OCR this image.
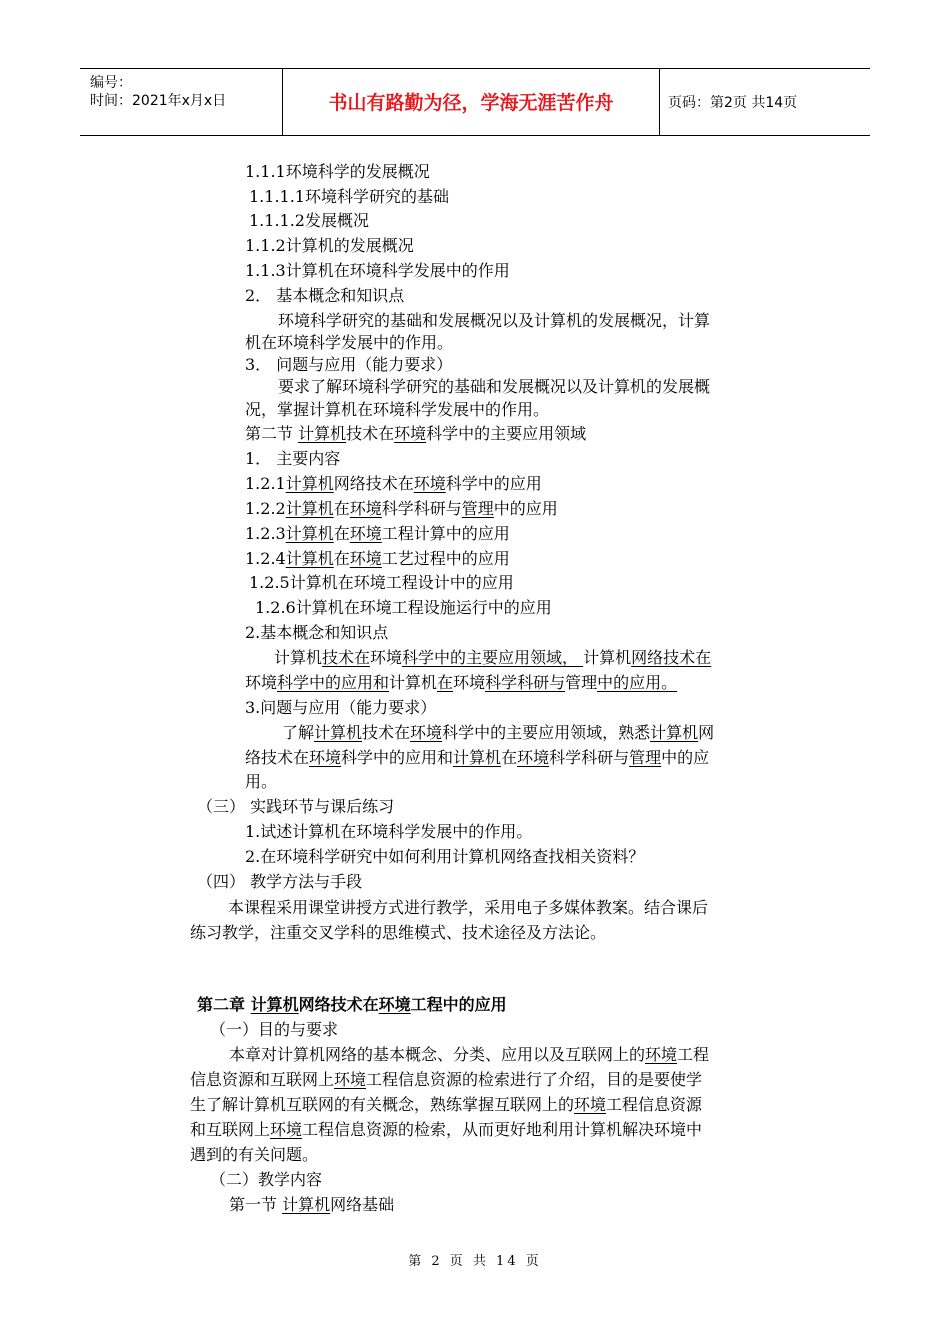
编号：
时间：2021年x月x日	书山有路勤为径，学海无涯苦作舟	页码：第2页 共14页
1.1.1环境科学的发展概况
1.1.1.1环境科学研究的基础
1.1.1.2发展概况
1.1.2计算机的发展概况
1.1.3计算机在环境科学发展中的作用
2． 基本概念和知识点
环境科学研究的基础和发展概况以及计算机的发展概况，计算
机在环境科学发展中的作用。
3． 问题与应用（能力要求）
要求了解环境科学研究的基础和发展概况以及计算机的发展概
况，掌握计算机在环境科学发展中的作用。
第二节 计算机技术在环境科学中的主要应用领域
1． 主要内容
1.2.1计算机网络技术在环境科学中的应用
1.2.2计算机在环境科学科研与管理中的应用
1.2.3计算机在环境工程计算中的应用
1.2.4计算机在环境工艺过程中的应用
1.2.5计算机在环境工程设计中的应用
1.2.6计算机在环境工程设施运行中的应用
2.基本概念和知识点
计算机技术在环境科学中的主要应用领域， 计算机网络技术在
环境科学中的应用和计算机在环境科学科研与管理中的应用。
3.问题与应用（能力要求）
了解计算机技术在环境科学中的主要应用领域，熟悉计算机网
络技术在环境科学中的应用和计算机在环境科学科研与管理中的应
用。
（三） 实践环节与课后练习
1.试述计算机在环境科学发展中的作用。
2.在环境科学研究中如何利用计算机网络查找相关资料？
（四） 教学方法与手段
本课程采用课堂讲授方式进行教学，采用电子多媒体教案。结合课后
练习教学，注重交叉学科的思维模式、技术途径及方法论。
第二章 计算机网络技术在环境工程中的应用
（一）目的与要求
本章对计算机网络的基本概念、分类、应用以及互联网上的环境工程
信息资源和互联网上环境工程信息资源的检索进行了介绍，目的是要使学
生了解计算机互联网的有关概念，熟练掌握互联网上的环境工程信息资源
和互联网上环境工程信息资源的检索，从而更好地利用计算机解决环境中
遇到的有关问题。
（二）教学内容
第一节 计算机网络基础
第 2 页 共 14 页
